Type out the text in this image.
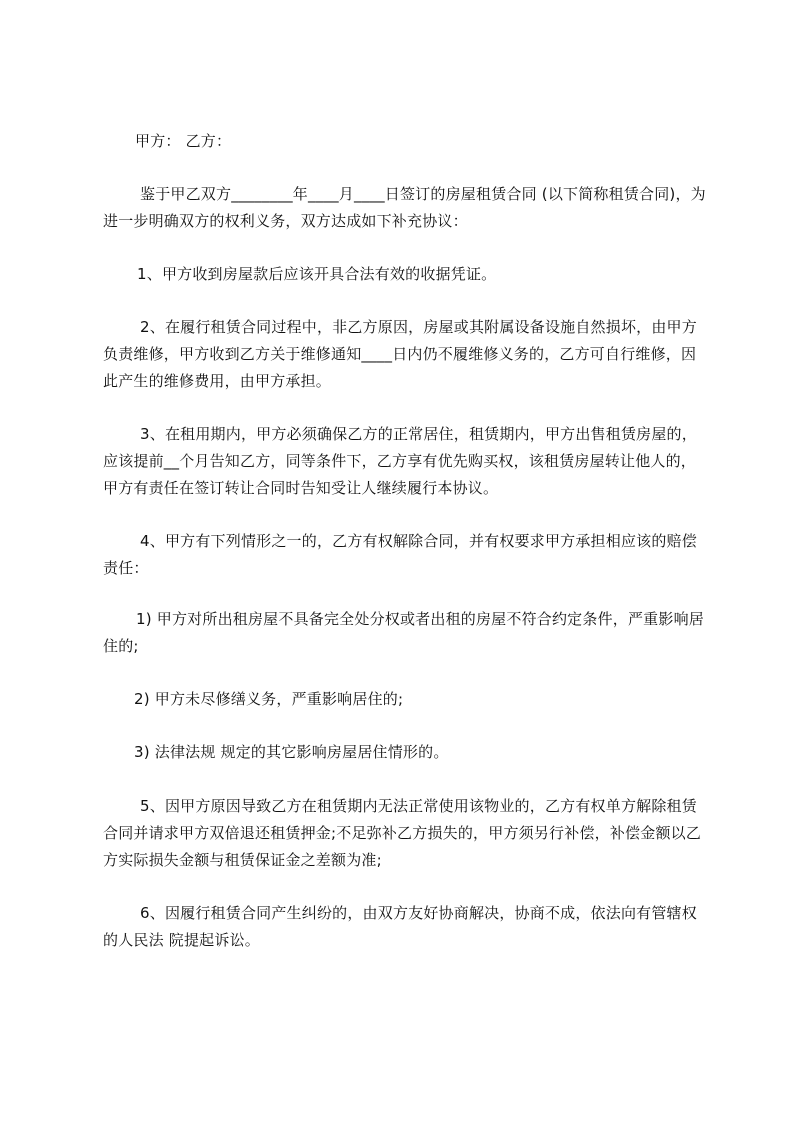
甲方： 乙方：

鉴于甲乙双方________年____月____日签订的房屋租赁合同 (以下简称租赁合同)，为进一步明确双方的权利义务，双方达成如下补充协议：

1、甲方收到房屋款后应该开具合法有效的收据凭证。

2、在履行租赁合同过程中，非乙方原因，房屋或其附属设备设施自然损坏，由甲方负责维修，甲方收到乙方关于维修通知____日内仍不履维修义务的，乙方可自行维修，因此产生的维修费用，由甲方承担。

3、在租用期内，甲方必须确保乙方的正常居住，租赁期内，甲方出售租赁房屋的，应该提前__个月告知乙方，同等条件下，乙方享有优先购买权，该租赁房屋转让他人的，甲方有责任在签订转让合同时告知受让人继续履行本协议。

4、甲方有下列情形之一的，乙方有权解除合同，并有权要求甲方承担相应该的赔偿责任：

1) 甲方对所出租房屋不具备完全处分权或者出租的房屋不符合约定条件，严重影响居住的;

2) 甲方未尽修缮义务，严重影响居住的;

3) 法律法规 规定的其它影响房屋居住情形的。

5、因甲方原因导致乙方在租赁期内无法正常使用该物业的，乙方有权单方解除租赁合同并请求甲方双倍退还租赁押金;不足弥补乙方损失的，甲方须另行补偿，补偿金额以乙方实际损失金额与租赁保证金之差额为准;

6、因履行租赁合同产生纠纷的，由双方友好协商解决，协商不成，依法向有管辖权的人民法 院提起诉讼。
